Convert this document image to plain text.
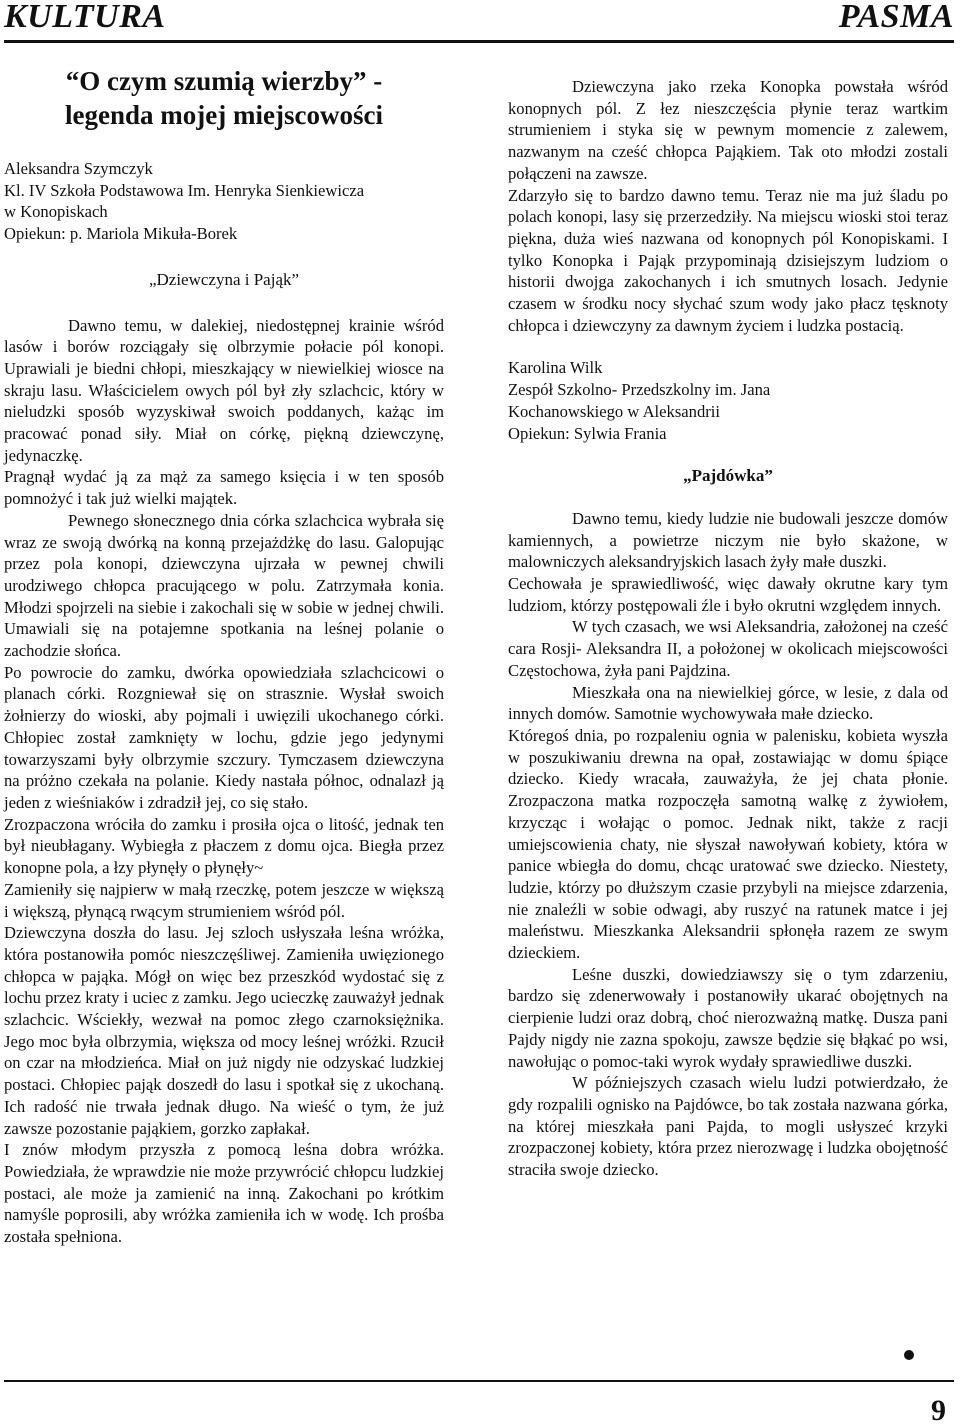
KULTURA	PASMA
“O czym szumią wierzby” -
legenda mojej miejscowości

Aleksandra Szymczyk

Kl. IV Szkoła Podstawowa Im. Henryka Sienkiewicza

w Konopiskach

Opiekun: p. Mariola Mikuła-Borek

„Dziewczyna i Pająk”

Dawno temu, w dalekiej, niedostępnej krainie wśród lasów i borów rozciągały się olbrzymie połacie pól konopi. Uprawiali je biedni chłopi, mieszkający w niewielkiej wiosce na skraju lasu. Właścicielem owych pól był zły szlachcic, który w nieludzki sposób wyzyskiwał swoich poddanych, każąc im pracować ponad siły. Miał on córkę, piękną dziewczynę, jedynaczkę.

Pragnął wydać ją za mąż za samego księcia i w ten sposób pomnożyć i tak już wielki majątek.

Pewnego słonecznego dnia córka szlachcica wybrała się wraz ze swoją dwórką na konną przejażdżkę do lasu. Galopując przez pola konopi, dziewczyna ujrzała w pewnej chwili urodziwego chłopca pracującego w polu. Zatrzymała konia. Młodzi spojrzeli na siebie i zakochali się w sobie w jednej chwili. Umawiali się na potajemne spotkania na leśnej polanie o zachodzie słońca.

Po powrocie do zamku, dwórka opowiedziała szlachcicowi o planach córki. Rozgniewał się on strasznie. Wysłał swoich żołnierzy do wioski, aby pojmali i uwięzili ukochanego córki. Chłopiec został zamknięty w lochu, gdzie jego jedynymi towarzyszami były olbrzymie szczury. Tymczasem dziewczyna na próżno czekała na polanie. Kiedy nastała północ, odnalazł ją jeden z wieśniaków i zdradził jej, co się stało.

Zrozpaczona wróciła do zamku i prosiła ojca o litość, jednak ten był nieubłagany. Wybiegła z płaczem z domu ojca. Biegła przez konopne pola, a łzy płynęły o płynęły~

Zamieniły się najpierw w małą rzeczkę, potem jeszcze w większą i większą, płynącą rwącym strumieniem wśród pól.

Dziewczyna doszła do lasu. Jej szloch usłyszała leśna wróżka, która postanowiła pomóc nieszczęśliwej. Zamieniła uwięzionego chłopca w pająka. Mógł on więc bez przeszkód wydostać się z lochu przez kraty i uciec z zamku. Jego ucieczkę zauważył jednak szlachcic. Wściekły, wezwał na pomoc złego czarnoksiężnika. Jego moc była olbrzymia, większa od mocy leśnej wróżki. Rzucił on czar na młodzieńca. Miał on już nigdy nie odzyskać ludzkiej postaci. Chłopiec pająk doszedł do lasu i spotkał się z ukochaną. Ich radość nie trwała jednak długo. Na wieść o tym, że już zawsze pozostanie pająkiem, gorzko zapłakał.

I znów młodym przyszła z pomocą leśna dobra wróżka. Powiedziała, że wprawdzie nie może przywrócić chłopcu ludzkiej postaci, ale może ja zamienić na inną. Zakochani po krótkim namyśle poprosili, aby wróżka zamieniła ich w wodę. Ich prośba została spełniona.

Dziewczyna jako rzeka Konopka powstała wśród konopnych pól. Z łez nieszczęścia płynie teraz wartkim strumieniem i styka się w pewnym momencie z zalewem, nazwanym na cześć chłopca Pająkiem. Tak oto młodzi zostali połączeni na zawsze.

Zdarzyło się to bardzo dawno temu. Teraz nie ma już śladu po polach konopi, lasy się przerzedziły. Na miejscu wioski stoi teraz piękna, duża wieś nazwana od konopnych pól Konopiskami. I tylko Konopka i Pająk przypominają dzisiejszym ludziom o historii dwojga zakochanych i ich smutnych losach. Jedynie czasem w środku nocy słychać szum wody jako płacz tęsknoty chłopca i dziewczyny za dawnym życiem i ludzka postacią.

Karolina Wilk

Zespół Szkolno- Przedszkolny im. Jana

Kochanowskiego w Aleksandrii

Opiekun: Sylwia Frania

„Pajdówka”

Dawno temu, kiedy ludzie nie budowali jeszcze domów kamiennych, a powietrze niczym nie było skażone, w malowniczych aleksandryjskich lasach żyły małe duszki.

Cechowała je sprawiedliwość, więc dawały okrutne kary tym ludziom, którzy postępowali źle i było okrutni względem innych.

W tych czasach, we wsi Aleksandria, założonej na cześć cara Rosji- Aleksandra II, a położonej w okolicach miejscowości Częstochowa, żyła pani Pajdzina.

Mieszkała ona na niewielkiej górce, w lesie, z dala od innych domów. Samotnie wychowywała małe dziecko.

Któregoś dnia, po rozpaleniu ognia w palenisku, kobieta wyszła w poszukiwaniu drewna na opał, zostawiając w domu śpiące dziecko. Kiedy wracała, zauważyła, że jej chata płonie. Zrozpaczona matka rozpoczęła samotną walkę z żywiołem, krzycząc i wołając o pomoc. Jednak nikt, także z racji umiejscowienia chaty, nie słyszał nawoływań kobiety, która w panice wbiegła do domu, chcąc uratować swe dziecko. Niestety, ludzie, którzy po dłuższym czasie przybyli na miejsce zdarzenia, nie znaleźli w sobie odwagi, aby ruszyć na ratunek matce i jej maleństwu. Mieszkanka Aleksandrii spłonęła razem ze swym dzieckiem.

Leśne duszki, dowiedziawszy się o tym zdarzeniu, bardzo się zdenerwowały i postanowiły ukarać obojętnych na cierpienie ludzi oraz dobrą, choć nierozważną matkę. Dusza pani Pajdy nigdy nie zazna spokoju, zawsze będzie się błąkać po wsi, nawołując o pomoc-taki wyrok wydały sprawiedliwe duszki.

W późniejszych czasach wielu ludzi potwierdzało, że gdy rozpalili ognisko na Pajdówce, bo tak została nazwana górka, na której mieszkała pani Pajda, to mogli usłyszeć krzyki zrozpaczonej kobiety, która przez nierozwagę i ludzka obojętność straciła swoje dziecko.

9
